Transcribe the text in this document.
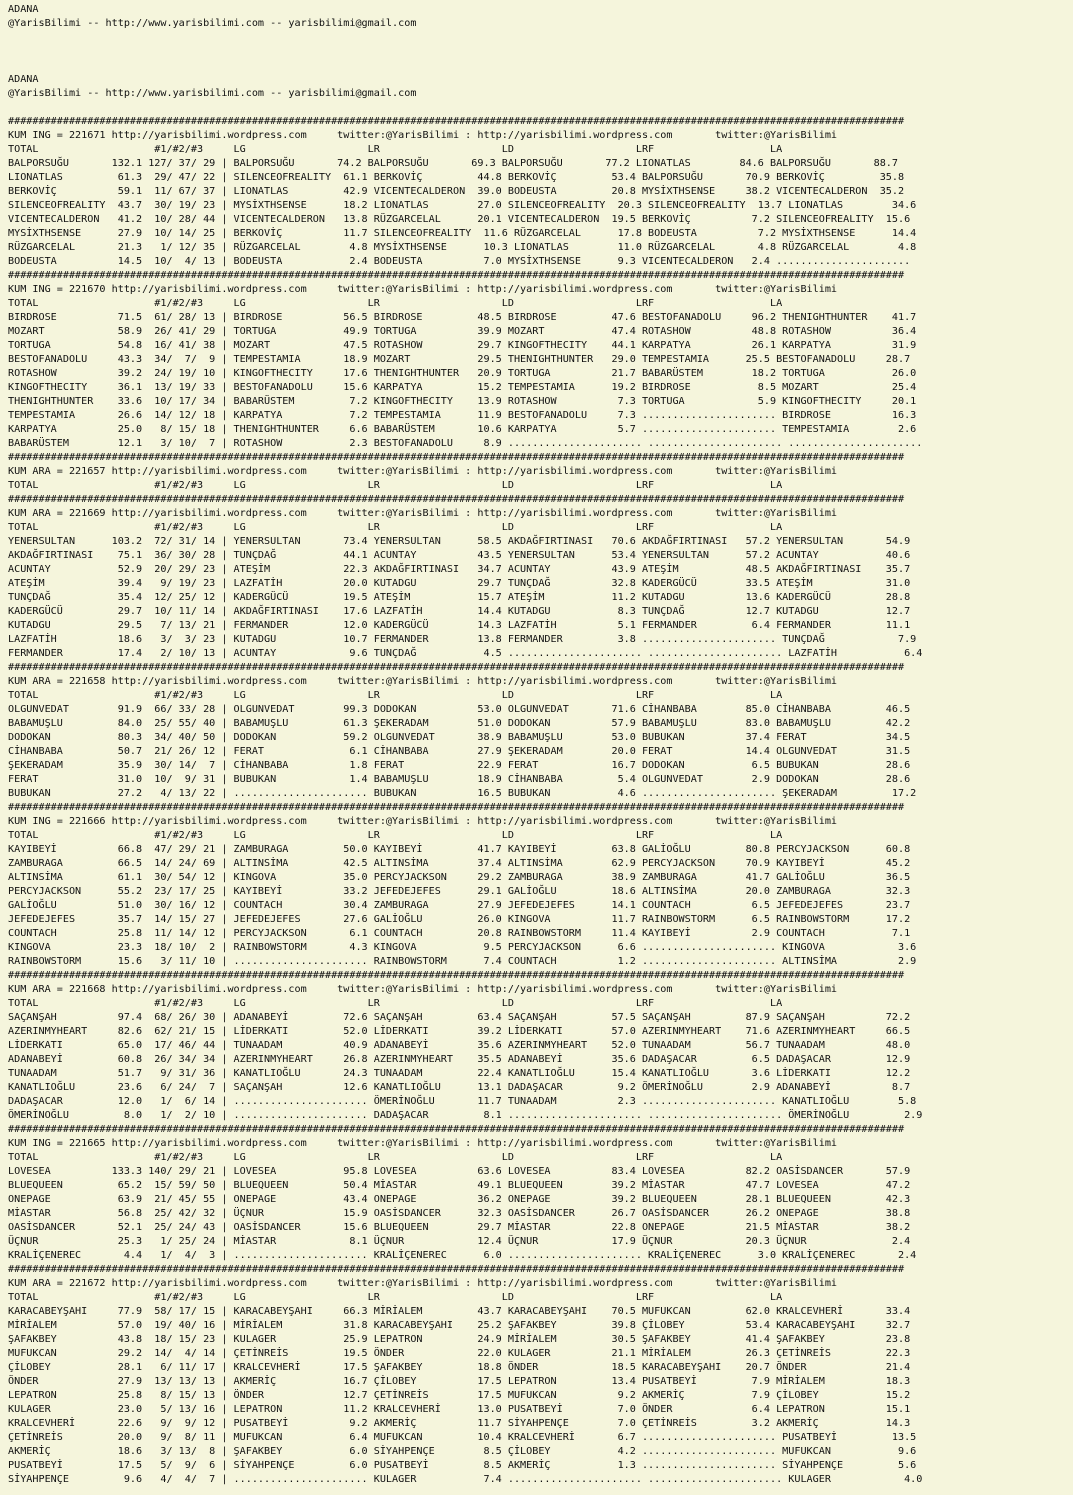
ADANA
@YarisBilimi -- http://www.yarisbilimi.com -- yarisbilimi@gmail.com
ADANA
@YarisBilimi -- http://www.yarisbilimi.com -- yarisbilimi@gmail.com
###################################################################################################################################################
KUM ING = 221671 http://yarisbilimi.wordpress.com     twitter:@YarisBilimi : http://yarisbilimi.wordpress.com       twitter:@YarisBilimi
TOTAL                   #1/#2/#3     LG                    LR                    LD                    LRF                   LA
BALPORSUĞU       132.1 127/ 37/ 29 | BALPORSUĞU       74.2 BALPORSUĞU       69.3 BALPORSUĞU       77.2 LIONATLAS        84.6 BALPORSUĞU       88.7
LIONATLAS         61.3  29/ 47/ 22 | SILENCEOFREALITY  61.1 BERKOVİÇ         44.8 BERKOVİÇ         53.4 BALPORSUĞU       70.9 BERKOVİÇ         35.8
BERKOVİÇ          59.1  11/ 67/ 37 | LIONATLAS         42.9 VICENTECALDERON  39.0 BODEUSTA         20.8 MYSİXTHSENSE     38.2 VICENTECALDERON  35.2
SILENCEOFREALITY  43.7  30/ 19/ 23 | MYSİXTHSENSE      18.2 LIONATLAS        27.0 SILENCEOFREALITY  20.3 SILENCEOFREALITY  13.7 LIONATLAS        34.6
VICENTECALDERON   41.2  10/ 28/ 44 | VICENTECALDERON   13.8 RÜZGARCELAL      20.1 VICENTECALDERON  19.5 BERKOVİÇ          7.2 SILENCEOFREALITY  15.6
MYSİXTHSENSE      27.9  10/ 14/ 25 | BERKOVİÇ          11.7 SILENCEOFREALITY  11.6 RÜZGARCELAL      17.8 BODEUSTA          7.2 MYSİXTHSENSE      14.4
RÜZGARCELAL       21.3   1/ 12/ 35 | RÜZGARCELAL        4.8 MYSİXTHSENSE      10.3 LIONATLAS        11.0 RÜZGARCELAL       4.8 RÜZGARCELAL        4.8
BODEUSTA          14.5  10/  4/ 13 | BODEUSTA           2.4 BODEUSTA          7.0 MYSİXTHSENSE      9.3 VICENTECALDERON   2.4 ......................
###################################################################################################################################################
KUM ING = 221670 http://yarisbilimi.wordpress.com     twitter:@YarisBilimi : http://yarisbilimi.wordpress.com       twitter:@YarisBilimi
TOTAL                   #1/#2/#3     LG                    LR                    LD                    LRF                   LA
BIRDROSE          71.5  61/ 28/ 13 | BIRDROSE          56.5 BIRDROSE         48.5 BIRDROSE         47.6 BESTOFANADOLU     96.2 THENIGHTHUNTER    41.7
MOZART            58.9  26/ 41/ 29 | TORTUGA           49.9 TORTUGA          39.9 MOZART           47.4 ROTASHOW          48.8 ROTASHOW          36.4
TORTUGA           54.8  16/ 41/ 38 | MOZART            47.5 ROTASHOW         29.7 KINGOFTHECITY    44.1 KARPATYA          26.1 KARPATYA          31.9
BESTOFANADOLU     43.3  34/  7/  9 | TEMPESTAMIA       18.9 MOZART           29.5 THENIGHTHUNTER   29.0 TEMPESTAMIA      25.5 BESTOFANADOLU     28.7
ROTASHOW          39.2  24/ 19/ 10 | KINGOFTHECITY     17.6 THENIGHTHUNTER   20.9 TORTUGA          21.7 BABARÜSTEM        18.2 TORTUGA           26.0
KINGOFTHECITY     36.1  13/ 19/ 33 | BESTOFANADOLU     15.6 KARPATYA         15.2 TEMPESTAMIA      19.2 BIRDROSE           8.5 MOZART            25.4
THENIGHTHUNTER    33.6  10/ 17/ 34 | BABARÜSTEM         7.2 KINGOFTHECITY    13.9 ROTASHOW          7.3 TORTUGA            5.9 KINGOFTHECITY     20.1
TEMPESTAMIA       26.6  14/ 12/ 18 | KARPATYA           7.2 TEMPESTAMIA      11.9 BESTOFANADOLU     7.3 ...................... BIRDROSE          16.3
KARPATYA          25.0   8/ 15/ 18 | THENIGHTHUNTER     6.6 BABARÜSTEM       10.6 KARPATYA          5.7 ...................... TEMPESTAMIA        2.6
BABARÜSTEM        12.1   3/ 10/  7 | ROTASHOW           2.3 BESTOFANADOLU     8.9 ...................... ...................... ......................
###################################################################################################################################################
KUM ARA = 221657 http://yarisbilimi.wordpress.com     twitter:@YarisBilimi : http://yarisbilimi.wordpress.com       twitter:@YarisBilimi
TOTAL                   #1/#2/#3     LG                    LR                    LD                    LRF                   LA
###################################################################################################################################################
KUM ARA = 221669 http://yarisbilimi.wordpress.com     twitter:@YarisBilimi : http://yarisbilimi.wordpress.com       twitter:@YarisBilimi
TOTAL                   #1/#2/#3     LG                    LR                    LD                    LRF                   LA
YENERSULTAN      103.2  72/ 31/ 14 | YENERSULTAN       73.4 YENERSULTAN      58.5 AKDAĞFIRTINASI   70.6 AKDAĞFIRTINASI   57.2 YENERSULTAN       54.9
AKDAĞFIRTINASI    75.1  36/ 30/ 28 | TUNÇDAĞ           44.1 ACUNTAY          43.5 YENERSULTAN      53.4 YENERSULTAN      57.2 ACUNTAY           40.6
ACUNTAY           52.9  20/ 29/ 23 | ATEŞİM            22.3 AKDAĞFIRTINASI   34.7 ACUNTAY          43.9 ATEŞİM           48.5 AKDAĞFIRTINASI    35.7
ATEŞİM            39.4   9/ 19/ 23 | LAZFATİH          20.0 KUTADGU          29.7 TUNÇDAĞ          32.8 KADERGÜCÜ        33.5 ATEŞİM            31.0
TUNÇDAĞ           35.4  12/ 25/ 12 | KADERGÜCÜ         19.5 ATEŞİM           15.7 ATEŞİM           11.2 KUTADGU          13.6 KADERGÜCÜ         28.8
KADERGÜCÜ         29.7  10/ 11/ 14 | AKDAĞFIRTINASI    17.6 LAZFATİH         14.4 KUTADGU           8.3 TUNÇDAĞ          12.7 KUTADGU           12.7
KUTADGU           29.5   7/ 13/ 21 | FERMANDER         12.0 KADERGÜCÜ        14.3 LAZFATİH          5.1 FERMANDER         6.4 FERMANDER         11.1
LAZFATİH          18.6   3/  3/ 23 | KUTADGU           10.7 FERMANDER        13.8 FERMANDER         3.8 ...................... TUNÇDAĞ            7.9
FERMANDER         17.4   2/ 10/ 13 | ACUNTAY            9.6 TUNÇDAĞ           4.5 ...................... ...................... LAZFATİH           6.4
###################################################################################################################################################
KUM ARA = 221658 http://yarisbilimi.wordpress.com     twitter:@YarisBilimi : http://yarisbilimi.wordpress.com       twitter:@YarisBilimi
TOTAL                   #1/#2/#3     LG                    LR                    LD                    LRF                   LA
OLGUNVEDAT        91.9  66/ 33/ 28 | OLGUNVEDAT        99.3 DODOKAN          53.0 OLGUNVEDAT       71.6 CİHANBABA        85.0 CİHANBABA         46.5
BABAMUŞLU         84.0  25/ 55/ 40 | BABAMUŞLU         61.3 ŞEKERADAM        51.0 DODOKAN          57.9 BABAMUŞLU        83.0 BABAMUŞLU         42.2
DODOKAN           80.3  34/ 40/ 50 | DODOKAN           59.2 OLGUNVEDAT       38.9 BABAMUŞLU        53.0 BUBUKAN          37.4 FERAT             34.5
CİHANBABA         50.7  21/ 26/ 12 | FERAT              6.1 CİHANBABA        27.9 ŞEKERADAM        20.0 FERAT            14.4 OLGUNVEDAT        31.5
ŞEKERADAM         35.9  30/ 14/  7 | CİHANBABA          1.8 FERAT            22.9 FERAT            16.7 DODOKAN           6.5 BUBUKAN           28.6
FERAT             31.0  10/  9/ 31 | BUBUKAN            1.4 BABAMUŞLU        18.9 CİHANBABA         5.4 OLGUNVEDAT        2.9 DODOKAN           28.6
BUBUKAN           27.2   4/ 13/ 22 | ...................... BUBUKAN          16.5 BUBUKAN           4.6 ...................... ŞEKERADAM         17.2
###################################################################################################################################################
KUM ING = 221666 http://yarisbilimi.wordpress.com     twitter:@YarisBilimi : http://yarisbilimi.wordpress.com       twitter:@YarisBilimi
TOTAL                   #1/#2/#3     LG                    LR                    LD                    LRF                   LA
KAYIBEYİ          66.8  47/ 29/ 21 | ZAMBURAGA         50.0 KAYIBEYİ         41.7 KAYIBEYİ         63.8 GALİOĞLU         80.8 PERCYJACKSON      60.8
ZAMBURAGA         66.5  14/ 24/ 69 | ALTINSİMA         42.5 ALTINSİMA        37.4 ALTINSİMA        62.9 PERCYJACKSON     70.9 KAYIBEYİ          45.2
ALTINSİMA         61.1  30/ 54/ 12 | KINGOVA           35.0 PERCYJACKSON     29.2 ZAMBURAGA        38.9 ZAMBURAGA        41.7 GALİOĞLU          36.5
PERCYJACKSON      55.2  23/ 17/ 25 | KAYIBEYİ          33.2 JEFEDEJEFES      29.1 GALİOĞLU         18.6 ALTINSİMA        20.0 ZAMBURAGA         32.3
GALİOĞLU          51.0  30/ 16/ 12 | COUNTACH          30.4 ZAMBURAGA        27.9 JEFEDEJEFES      14.1 COUNTACH          6.5 JEFEDEJEFES       23.7
JEFEDEJEFES       35.7  14/ 15/ 27 | JEFEDEJEFES       27.6 GALİOĞLU         26.0 KINGOVA          11.7 RAINBOWSTORM      6.5 RAINBOWSTORM      17.2
COUNTACH          25.8  11/ 14/ 12 | PERCYJACKSON       6.1 COUNTACH         20.8 RAINBOWSTORM     11.4 KAYIBEYİ          2.9 COUNTACH           7.1
KINGOVA           23.3  18/ 10/  2 | RAINBOWSTORM       4.3 KINGOVA           9.5 PERCYJACKSON      6.6 ...................... KINGOVA            3.6
RAINBOWSTORM      15.6   3/ 11/ 10 | ...................... RAINBOWSTORM      7.4 COUNTACH          1.2 ...................... ALTINSİMA          2.9
###################################################################################################################################################
KUM ARA = 221668 http://yarisbilimi.wordpress.com     twitter:@YarisBilimi : http://yarisbilimi.wordpress.com       twitter:@YarisBilimi
TOTAL                   #1/#2/#3     LG                    LR                    LD                    LRF                   LA
SAÇANŞAH          97.4  68/ 26/ 30 | ADANABEYİ         72.6 SAÇANŞAH         63.4 SAÇANŞAH         57.5 SAÇANŞAH         87.9 SAÇANŞAH          72.2
AZERINMYHEART     82.6  62/ 21/ 15 | LİDERKATI         52.0 LİDERKATI        39.2 LİDERKATI        57.0 AZERINMYHEART    71.6 AZERINMYHEART     66.5
LİDERKATI         65.0  17/ 46/ 44 | TUNAADAM          40.9 ADANABEYİ        35.6 AZERINMYHEART    52.0 TUNAADAM         56.7 TUNAADAM          48.0
ADANABEYİ         60.8  26/ 34/ 34 | AZERINMYHEART     26.8 AZERINMYHEART    35.5 ADANABEYİ        35.6 DADAŞACAR         6.5 DADAŞACAR         12.9
TUNAADAM          51.7   9/ 31/ 36 | KANATLIOĞLU       24.3 TUNAADAM         22.4 KANATLIOĞLU      15.4 KANATLIOĞLU       3.6 LİDERKATI         12.2
KANATLIOĞLU       23.6   6/ 24/  7 | SAÇANŞAH          12.6 KANATLIOĞLU      13.1 DADAŞACAR         9.2 ÖMERİNOĞLU        2.9 ADANABEYİ          8.7
DADAŞACAR         12.0   1/  6/ 14 | ...................... ÖMERİNOĞLU       11.7 TUNAADAM          2.3 ...................... KANATLIOĞLU        5.8
ÖMERİNOĞLU         8.0   1/  2/ 10 | ...................... DADAŞACAR         8.1 ...................... ...................... ÖMERİNOĞLU         2.9
###################################################################################################################################################
KUM ING = 221665 http://yarisbilimi.wordpress.com     twitter:@YarisBilimi : http://yarisbilimi.wordpress.com       twitter:@YarisBilimi
TOTAL                   #1/#2/#3     LG                    LR                    LD                    LRF                   LA
LOVESEA          133.3 140/ 29/ 21 | LOVESEA           95.8 LOVESEA          63.6 LOVESEA          83.4 LOVESEA          82.2 OASİSDANCER       57.9
BLUEQUEEN         65.2  15/ 59/ 50 | BLUEQUEEN         50.4 MİASTAR          49.1 BLUEQUEEN        39.2 MİASTAR          47.7 LOVESEA           47.2
ONEPAGE           63.9  21/ 45/ 55 | ONEPAGE           43.4 ONEPAGE          36.2 ONEPAGE          39.2 BLUEQUEEN        28.1 BLUEQUEEN         42.3
MİASTAR           56.8  25/ 42/ 32 | ÜÇNUR             15.9 OASİSDANCER      32.3 OASİSDANCER      26.7 OASİSDANCER      26.2 ONEPAGE           38.8
OASİSDANCER       52.1  25/ 24/ 43 | OASİSDANCER       15.6 BLUEQUEEN        29.7 MİASTAR          22.8 ONEPAGE          21.5 MİASTAR           38.2
ÜÇNUR             25.3   1/ 25/ 24 | MİASTAR            8.1 ÜÇNUR            12.4 ÜÇNUR            17.9 ÜÇNUR            20.3 ÜÇNUR              2.4
KRALİÇENEREC       4.4   1/  4/  3 | ...................... KRALİÇENEREC      6.0 ...................... KRALİÇENEREC      3.0 KRALİÇENEREC       2.4
###################################################################################################################################################
KUM ARA = 221672 http://yarisbilimi.wordpress.com     twitter:@YarisBilimi : http://yarisbilimi.wordpress.com       twitter:@YarisBilimi
TOTAL                   #1/#2/#3     LG                    LR                    LD                    LRF                   LA
KARACABEYŞAHI     77.9  58/ 17/ 15 | KARACABEYŞAHI     66.3 MİRİALEM         43.7 KARACABEYŞAHI    70.5 MUFUKCAN         62.0 KRALCEVHERİ       33.4
MİRİALEM          57.0  19/ 40/ 16 | MİRİALEM          31.8 KARACABEYŞAHI    25.2 ŞAFAKBEY         39.8 ÇİLOBEY          53.4 KARACABEYŞAHI     32.7
ŞAFAKBEY          43.8  18/ 15/ 23 | KULAGER           25.9 LEPATRON         24.9 MİRİALEM         30.5 ŞAFAKBEY         41.4 ŞAFAKBEY          23.8
MUFUKCAN          29.2  14/  4/ 14 | ÇETİNREİS         19.5 ÖNDER            22.0 KULAGER          21.1 MİRİALEM         26.3 ÇETİNREİS         22.3
ÇİLOBEY           28.1   6/ 11/ 17 | KRALCEVHERİ       17.5 ŞAFAKBEY         18.8 ÖNDER            18.5 KARACABEYŞAHI    20.7 ÖNDER             21.4
ÖNDER             27.9  13/ 13/ 13 | AKMERİÇ           16.7 ÇİLOBEY          17.5 LEPATRON         13.4 PUSATBEYİ         7.9 MİRİALEM          18.3
LEPATRON          25.8   8/ 15/ 13 | ÖNDER             12.7 ÇETİNREİS        17.5 MUFUKCAN          9.2 AKMERİÇ           7.9 ÇİLOBEY           15.2
KULAGER           23.0   5/ 13/ 16 | LEPATRON          11.2 KRALCEVHERİ      13.0 PUSATBEYİ         7.0 ÖNDER             6.4 LEPATRON          15.1
KRALCEVHERİ       22.6   9/  9/ 12 | PUSATBEYİ          9.2 AKMERİÇ          11.7 SİYAHPENÇE        7.0 ÇETİNREİS         3.2 AKMERİÇ           14.3
ÇETİNREİS         20.0   9/  8/ 11 | MUFUKCAN           6.4 MUFUKCAN         10.4 KRALCEVHERİ       6.7 ...................... PUSATBEYİ         13.5
AKMERİÇ           18.6   3/ 13/  8 | ŞAFAKBEY           6.0 SİYAHPENÇE        8.5 ÇİLOBEY           4.2 ...................... MUFUKCAN           9.6
PUSATBEYİ         17.5   5/  9/  6 | SİYAHPENÇE         6.0 PUSATBEYİ         8.5 AKMERİÇ           1.3 ...................... SİYAHPENÇE         5.6
SİYAHPENÇE         9.6   4/  4/  7 | ...................... KULAGER           7.4 ...................... ...................... KULAGER            4.0
